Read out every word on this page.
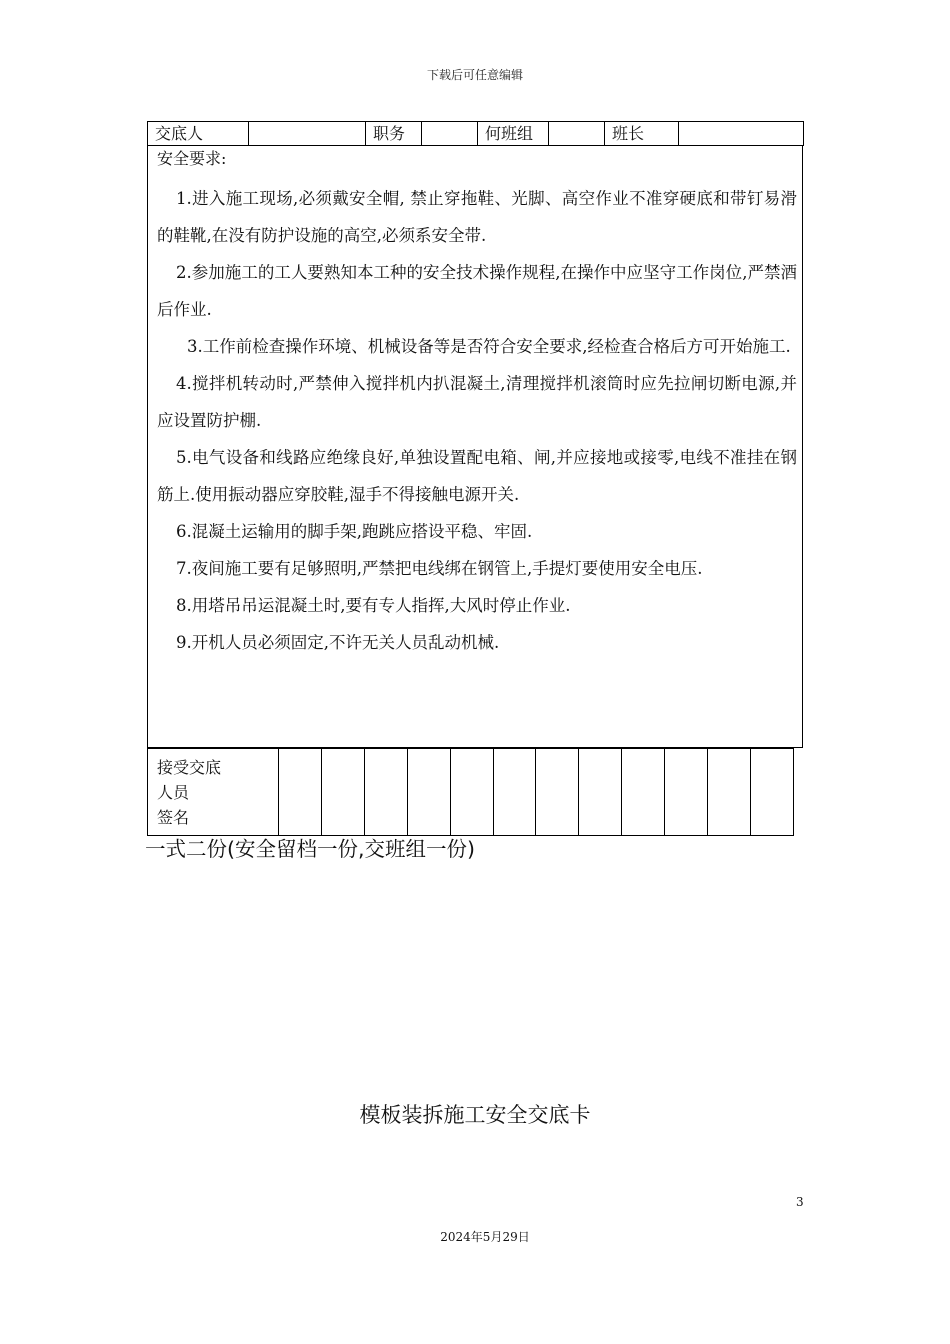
下载后可任意编辑
交底人		职务		何班组		班长	
安全要求:
1.进入施工现场,必须戴安全帽, 禁止穿拖鞋、光脚、高空作业不准穿硬底和带钉易滑的鞋靴,在没有防护设施的高空,必须系安全带.
2.参加施工的工人要熟知本工种的安全技术操作规程,在操作中应坚守工作岗位,严禁酒后作业.
3.工作前检查操作环境、机械设备等是否符合安全要求,经检查合格后方可开始施工.
4.搅拌机转动时,严禁伸入搅拌机内扒混凝土,清理搅拌机滚筒时应先拉闸切断电源,并应设置防护棚.
5.电气设备和线路应绝缘良好,单独设置配电箱、闸,并应接地或接零,电线不准挂在钢筋上.使用振动器应穿胶鞋,湿手不得接触电源开关.
6.混凝土运输用的脚手架,跑跳应搭设平稳、牢固.
7.夜间施工要有足够照明,严禁把电线绑在钢管上,手提灯要使用安全电压.
8.用塔吊吊运混凝土时,要有专人指挥,大风时停止作业.
9.开机人员必须固定,不许无关人员乱动机械.
接受交底
人员
签名

一式二份(安全留档一份,交班组一份)
模板装拆施工安全交底卡
3
2024年5月29日
